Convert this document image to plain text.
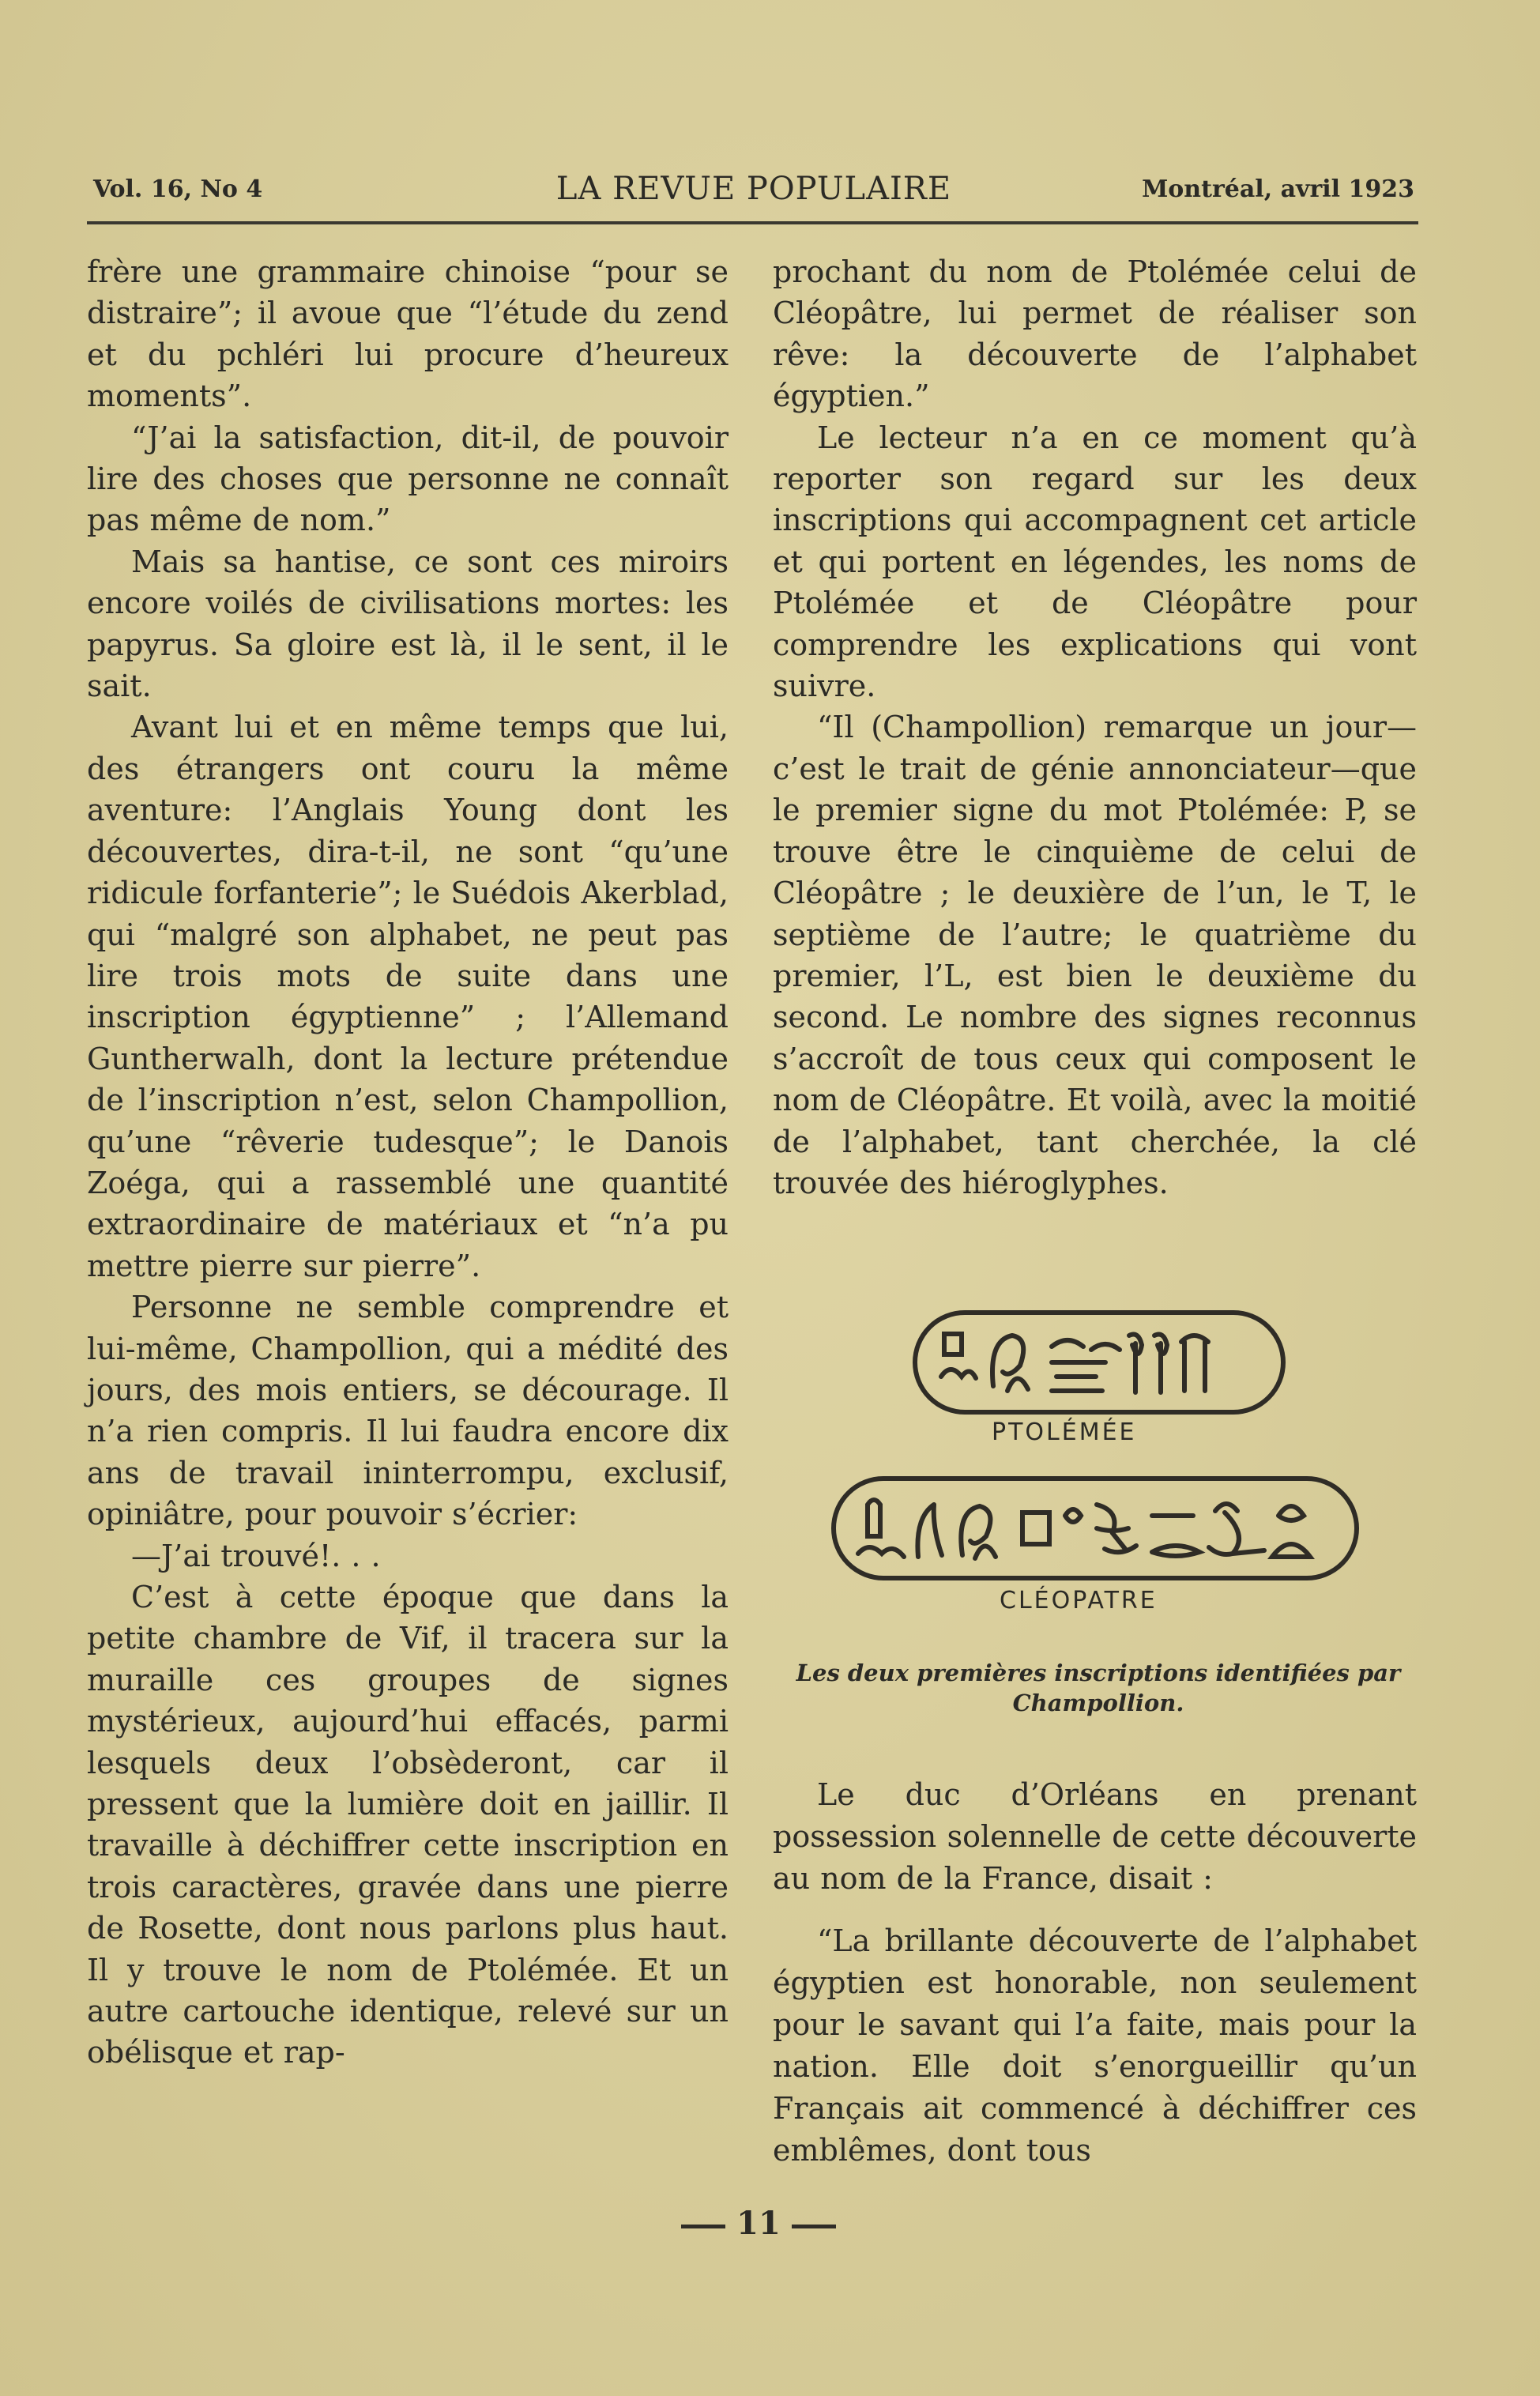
Vol. 16, No 4	LA REVUE POPULAIRE	Montréal, avril 1923

frère une grammaire chinoise “pour se distraire”; il avoue que “l’étude du zend et du pchléri lui procure d’heureux moments”.

“J’ai la satisfaction, dit-il, de pouvoir lire des choses que personne ne connaît pas même de nom.”

Mais sa hantise, ce sont ces miroirs encore voilés de civilisations mortes: les papyrus. Sa gloire est là, il le sent, il le sait.

Avant lui et en même temps que lui, des étrangers ont couru la même aventure: l’Anglais Young dont les découvertes, dira-t-il, ne sont “qu’une ridicule forfanterie”; le Suédois Akerblad, qui “malgré son alphabet, ne peut pas lire trois mots de suite dans une inscription égyptienne” ; l’Allemand Guntherwalh, dont la lecture prétendue de l’inscription n’est, selon Champollion, qu’une “rêverie tudesque”; le Danois Zoéga, qui a rassemblé une quantité extraordinaire de matériaux et “n’a pu mettre pierre sur pierre”.

Personne ne semble comprendre et lui-même, Champollion, qui a médité des jours, des mois entiers, se décourage. Il n’a rien compris. Il lui faudra encore dix ans de travail ininterrompu, exclusif, opiniâtre, pour pouvoir s’écrier:

—J’ai trouvé!. . .

C’est à cette époque que dans la petite chambre de Vif, il tracera sur la muraille ces groupes de signes mystérieux, aujourd’hui effacés, parmi lesquels deux l’obsèderont, car il pressent que la lumière doit en jaillir. Il travaille à déchiffrer cette inscription en trois caractères, gravée dans une pierre de Rosette, dont nous parlons plus haut. Il y trouve le nom de Ptolémée. Et un autre cartouche identique, relevé sur un obélisque et rap-

prochant du nom de Ptolémée celui de Cléopâtre, lui permet de réaliser son rêve: la découverte de l’alphabet égyptien.”

Le lecteur n’a en ce moment qu’à reporter son regard sur les deux inscriptions qui accompagnent cet article et qui portent en légendes, les noms de Ptolémée et de Cléopâtre pour comprendre les explications qui vont suivre.

“Il (Champollion) remarque un jour—c’est le trait de génie annonciateur—que le premier signe du mot Ptolémée: P, se trouve être le cinquième de celui de Cléopâtre ; le deuxière de l’un, le T, le septième de l’autre; le quatrième du premier, l’L, est bien le deuxième du second. Le nombre des signes reconnus s’accroît de tous ceux qui composent le nom de Cléopâtre. Et voilà, avec la moitié de l’alphabet, tant cherchée, la clé trouvée des hiéroglyphes.

PTOLÉMÉE
CLÉOPATRE
Les deux premières inscriptions identifiées par Champollion.

Le duc d’Orléans en prenant possession solennelle de cette découverte au nom de la France, disait :

“La brillante découverte de l’alphabet égyptien est honorable, non seulement pour le savant qui l’a faite, mais pour la nation. Elle doit s’enorgueillir qu’un Français ait commencé à déchiffrer ces emblêmes, dont tous

11
